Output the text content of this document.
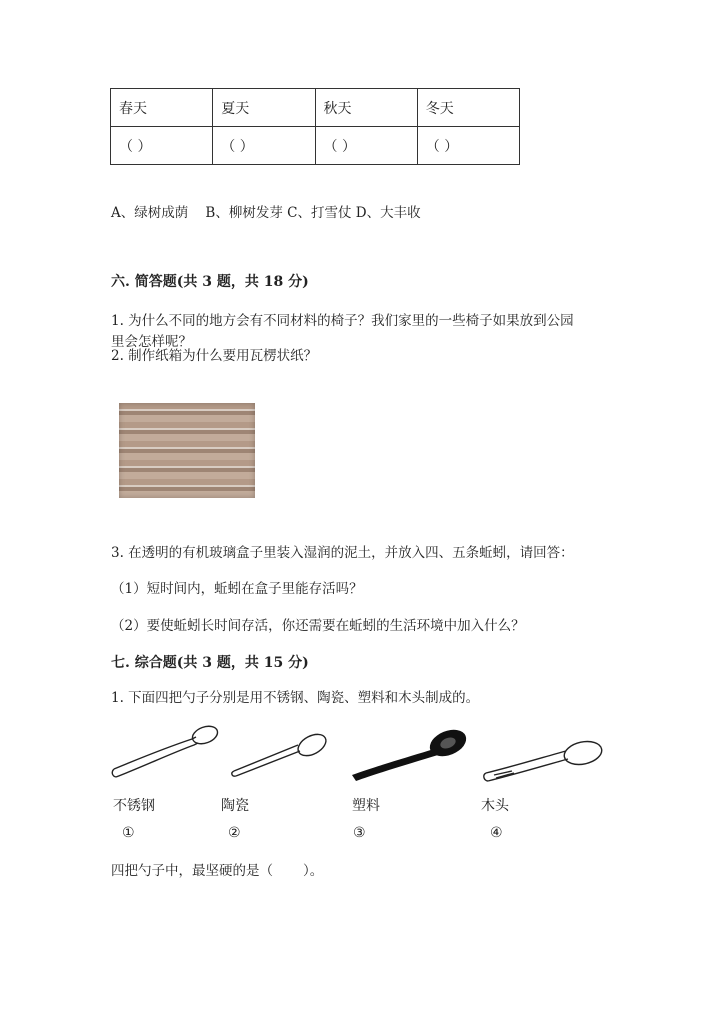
春天	夏天	秋天	冬天
（ ）	（ ）	（ ）	（ ）
A、绿树成荫    B、柳树发芽 C、打雪仗 D、大丰收
六. 简答题(共 3 题，共 18 分)
1. 为什么不同的地方会有不同材料的椅子？我们家里的一些椅子如果放到公园
里会怎样呢？
2. 制作纸箱为什么要用瓦楞状纸？
3. 在透明的有机玻璃盒子里装入湿润的泥土，并放入四、五条蚯蚓，请回答：
（1）短时间内，蚯蚓在盒子里能存活吗？
（2）要使蚯蚓长时间存活，你还需要在蚯蚓的生活环境中加入什么？
七. 综合题(共 3 题，共 15 分)
1. 下面四把勺子分别是用不锈钢、陶瓷、塑料和木头制成的。
不锈钢	陶瓷	塑料	木头
①	②	③	④
四把勺子中，最坚硬的是（       ）。
